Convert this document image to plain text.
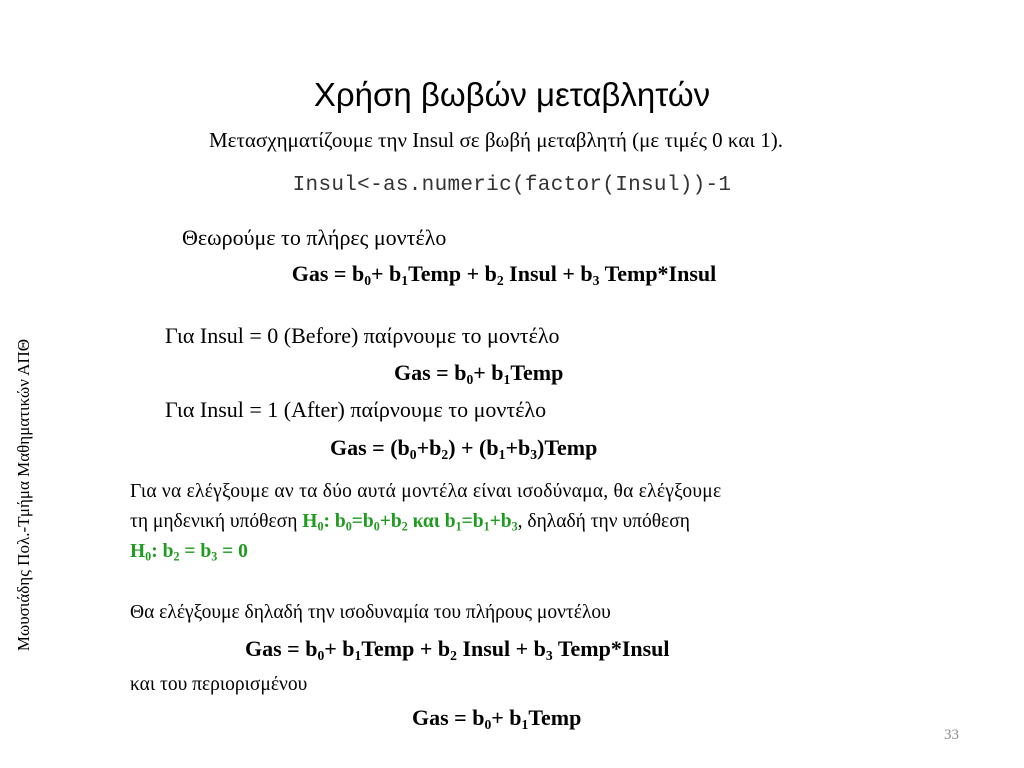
Χρήση βωβών μεταβλητών
Μετασχηματίζουμε την Insul σε βωβή μεταβλητή (με τιμές 0 και 1).
Insul<-as.numeric(factor(Insul))-1
Θεωρούμε το πλήρες μοντέλο
Gas = $b_0+$ $b_1Temp + b_2$ Insul + $b_3$ Temp*Insul
Για Insul = 0 (Before) παίρνουμε το μοντέλο
Gas = $b_0+$ $b_1Temp$
Για Insul = 1 (After) παίρνουμε το μοντέλο
Gas = $(b_0+b_2)$ + $(b_1+b_3)Temp$
Για να ελέγξουμε αν τα δύο αυτά μοντέλα είναι ισοδύναμα, θα ελέγξουμε
τη μηδενική υπόθεση $H_0$: $b_0=b_0+b_2$ και $b_1=b_1+b_3$, δηλαδή την υπόθεση
$H_0$: $b_2 = b_3 = 0$
Θα ελέγξουμε δηλαδή την ισοδυναμία του πλήρους μοντέλου
Gas = $b_0+$ $b_1Temp + b_2$ Insul + $b_3$ Temp*Insul
και του περιορισμένου
Gas = $b_0+$ $b_1Temp$
33
Μωυσιάδης Πολ.-Τμήμα Μαθηματικών ΑΠΘ
